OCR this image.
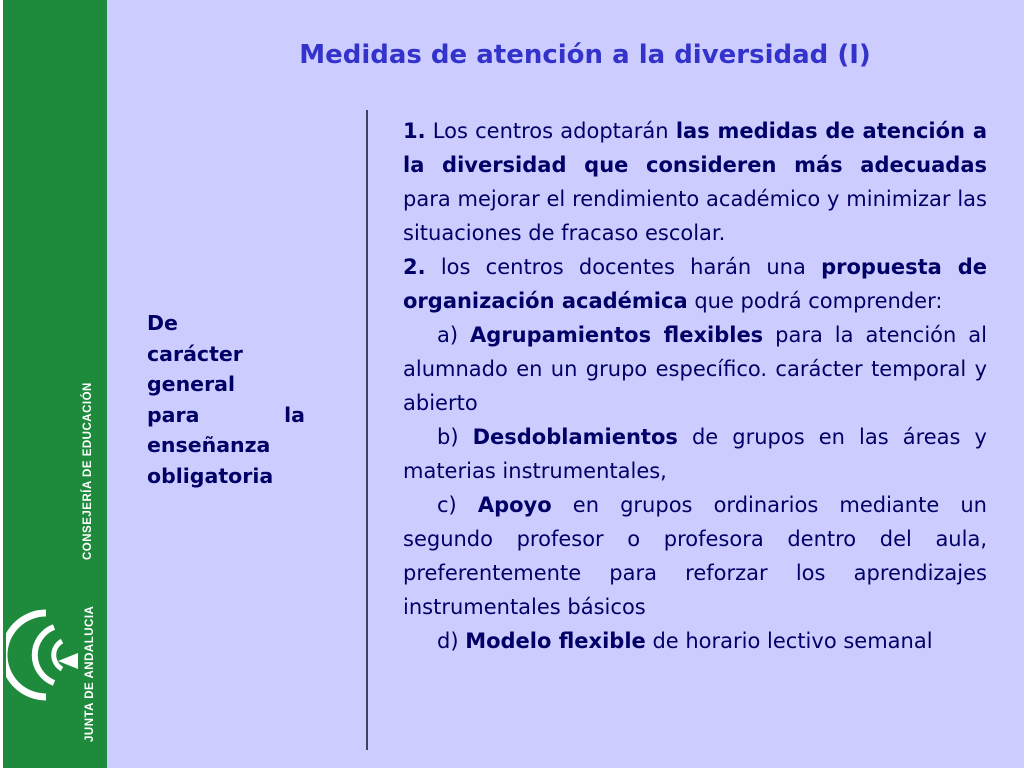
CONSEJERÍA DE EDUCACIÓN
JUNTA DE ANDALUCIA
Medidas de atención a la diversidad (I)
De
carácter
general
para	la
enseñanza
obligatoria

1. Los centros adoptarán las medidas de atención a la diversidad que consideren más adecuadas para mejorar el rendimiento académico y minimizar las situaciones de fracaso escolar.

2. los centros docentes harán una propuesta de organización académica que podrá comprender:

a) Agrupamientos flexibles para la atención al alumnado en un grupo específico. carácter temporal y abierto

b) Desdoblamientos de grupos en las áreas y materias instrumentales,

c) Apoyo en grupos ordinarios mediante un segundo profesor o profesora dentro del aula, preferentemente para reforzar los aprendizajes instrumentales básicos

d) Modelo flexible de horario lectivo semanal
